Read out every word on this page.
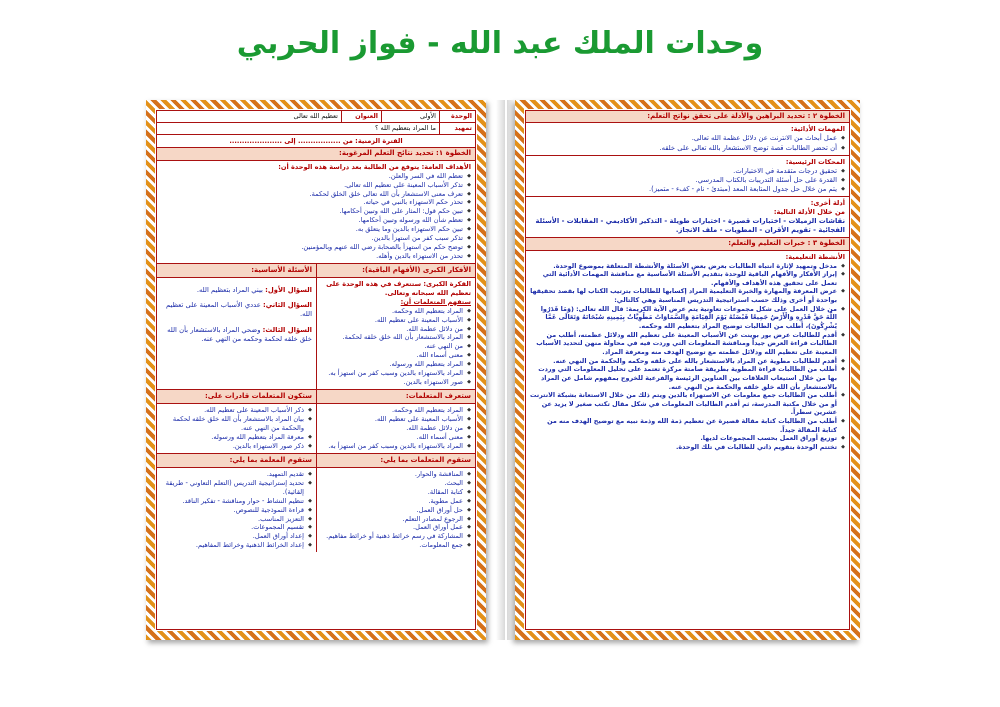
وحدات الملك عبد الله - فواز الحربي
الوحدة
الأولى
العنوان
تعظيم الله تعالى
تمهيد
ما المراد بتعظيم الله ؟
الفترة الزمنية: من ................. إلى .....................
الخطوة ١: تحديد نتائج التعلم المرغوبة:
الأهداف العامة: يتوقع من الطالبة بعد دراسة هذه الوحدة أن:
◆ تعظم الله في السر والعلن.
◆ تذكر الأسباب المعينة على تعظيم الله تعالى.
◆ تعرف معنى الاستشعار بأن الله تعالى خلق الخلق لحكمة.
◆ تحذر حكم الاستهزاء بالنبي في حياته.
◆ تبين حكم قول: المثار على الله وتبين أحكامها.
◆ تعظم شأن الله ورسوله وتبين أحكامها.
◆ تبين حكم الاستهزاء بالدين وما يتعلق به.
◆ تذكر سبب كفر من استهزأ بالدين.
◆ توضح حكم من استهزأ بالصحابة رضي الله عنهم وبالمؤمنين.
◆ تحذر من الاستهزاء بالدين وأهله.
الأفكار الكبرى (الأفهام الباقية):
الأسئلة الأساسية:
الفكرة الكبرى: ستتعرف في هذه الوحدة على تعظيم الله سبحانه وتعالى.
ستفهم المتعلمات أن:
◆ المراد بتعظيم الله وحكمه.
◆ الأسباب المعينة على تعظيم الله.
◆ من دلائل عظمة الله.
◆ المراد بالاستشعار بأن الله خلق خلقه لحكمة.
◆ من النهي عنه.
◆ معنى أسماء الله.
◆ المراد بتعظيم الله ورسوله.
◆ المراد بالاستهزاء بالدين وسبب كفر من استهزأ به.
◆ صور الاستهزاء بالدين.
السؤال الأول: بيني المراد بتعظيم الله.
السؤال الثاني: عددي الأسباب المعينة على تعظيم الله.
السؤال الثالث: وضحي المراد بالاستشعار بأن الله خلق خلقه لحكمة وحكمه من النهي عنه.
ستعرف المتعلمات:
ستكون المتعلمات قادرات على:
◆ المراد بتعظيم الله وحكمه.
◆ الأسباب المعينة على تعظيم الله.
◆ من دلائل عظمة الله.
◆ معنى أسماء الله.
◆ المراد بالاستهزاء بالدين وسبب كفر من استهزأ به.
◆ ذكر الأسباب المعينة على تعظيم الله.
◆ بيان المراد بالاستشعار بأن الله خلق خلقه لحكمة والحكمة من النهي عنه.
◆ معرفة المراد بتعظيم الله ورسوله.
◆ ذكر صور الاستهزاء بالدين.
ستقوم المتعلمات بما يلي:
ستقوم المعلمة بما يلي:
◆ المناقشة والحوار.
◆ البحث.
◆ كتابة المقالة.
◆ عمل مطوية.
◆ حل أوراق العمل.
◆ الرجوع لمصادر التعلم.
◆ عمل أوراق العمل.
◆ المشاركة في رسم خرائط ذهنية أو خرائط مفاهيم.
◆ جمع المعلومات.
◆ تقديم التمهيد.
◆ تحديد إستراتيجية التدريس (التعلم التعاوني - طريقة إلقائية).
◆ تنظيم النشاط - حوار ومناقشة - تفكير الناقد.
◆ قراءة النموذجية للنصوص.
◆ التعزيز المناسب.
◆ تقسيم المجموعات.
◆ إعداد أوراق العمل.
◆ إعداد الخرائط الذهنية وخرائط المفاهيم.
الخطوة ٢ : تحديد البراهين والأدلة على تحقق نواتج التعلم:
المهمات الأدائية:
◆ عمل أبحاث من الانترنت عن دلائل عظمة الله تعالى.
◆ أن تحضر الطالبات قصة توضح الاستشعار بالله تعالى على خلقه.
المحكات الرئيسية:
◆ تحقيق درجات متقدمة في الاختبارات.
◆ القدرة على حل أسئلة التدريبات بالكتاب المدرسي.
◆ يتم من خلال حل جدول المتابعة المعد (مبتدئ - نام - كفء - متميز).
أدلة أخرى:
من خلال الأدلة التالية:
نقاشات الزميلات - اختبارات قصيرة - اختبارات طويلة - التذكير الأكاديمي - المقابلات - الأسئلة الفجائية - تقويم الأقران - المطويات - ملف الانجاز.
الخطوة ٣ : خبرات التعليم والتعلم:
الأنشطة التعليمية:
◆ مدخل وتمهيد لإثارة انتباه الطالبات بعرض بعض الأسئلة والأنشطة المتعلقة بموضوع الوحدة.
◆ إبراز الأفكار والأفهام الباقية للوحدة بتقديم الأسئلة الأساسية مع مناقشة المهمات الأدائية التي تعمل على تحقيق هذه الأهداف والأفهام.
◆ عرض المعرفة والمهارة والخبرة التعليمية المراد إكسابها للطالبات بترتيب الكتاب لها بقصد تحقيقها بواحدة أو أخرى وذلك حسب استراتيجية التدريس المناسبة وهي كالتالي:
◆ من خلال العمل على شكل مجموعات تعاونية يتم عرض الآية الكريمة: قال الله تعالى: (وَمَا قَدَرُوا اللَّهَ حَقَّ قَدْرِهِ وَالْأَرْضُ جَمِيعًا قَبْضَتُهُ يَوْمَ الْقِيَامَةِ وَالسَّمَاوَاتُ مَطْوِيَّاتٌ بِيَمِينِهِ سُبْحَانَهُ وَتَعَالَى عَمَّا يُشْرِكُونَ)، أطلب من الطالبات توضيح المراد بتعظيم الله وحكمه.
◆ أقدم للطالبات عرض بور بوينت عن الأسباب المعينة على تعظيم الله ودلائل عظمته، أطلب من الطالبات قراءة العرض جيداً ومناقشة المعلومات التي وردت فيه في محاولة منهن لتحديد الأسباب المعينة على تعظيم الله ودلائل عظمته مع توضيح الهدف منه ومعرفة المراد.
◆ أقدم للطالبات مطوية عن المراد بالاستشعار بالله على خلقه وحكمه والحكمة من النهي عنه.
◆ أطلب من الطالبات قراءة المطوية بطريقة صامتة مركزة تعتمد على تحليل المعلومات التي وردت بها من خلال استيعاب العلاقات بين العناوين الرئيسة والفرعية للخروج بمفهوم شامل عن المراد بالاستشعار بأن الله خلق خلقه والحكمة من النهي عنه.
◆ أطلب من الطالبات جمع معلومات عن الاستهزاء بالدين ويتم ذلك من خلال الاستعانة بشبكة الانترنت أو من خلال مكتبة المدرسة، ثم أقدم الطالبات المعلومات في شكل مقال تكتب صغير لا يزيد عن عشرين سطراً.
◆ أطلب من الطالبات كتابة مقالة قصيرة عن تعظيم ذمة الله وذمة نبيه مع توضيح الهدف منه من كتابة المقالة جيداً.
◆ توزيع أوراق العمل بحسب المجموعات لديها.
◆ تختتم الوحدة بتقويم ذاتي للطالبات في تلك الوحدة.
